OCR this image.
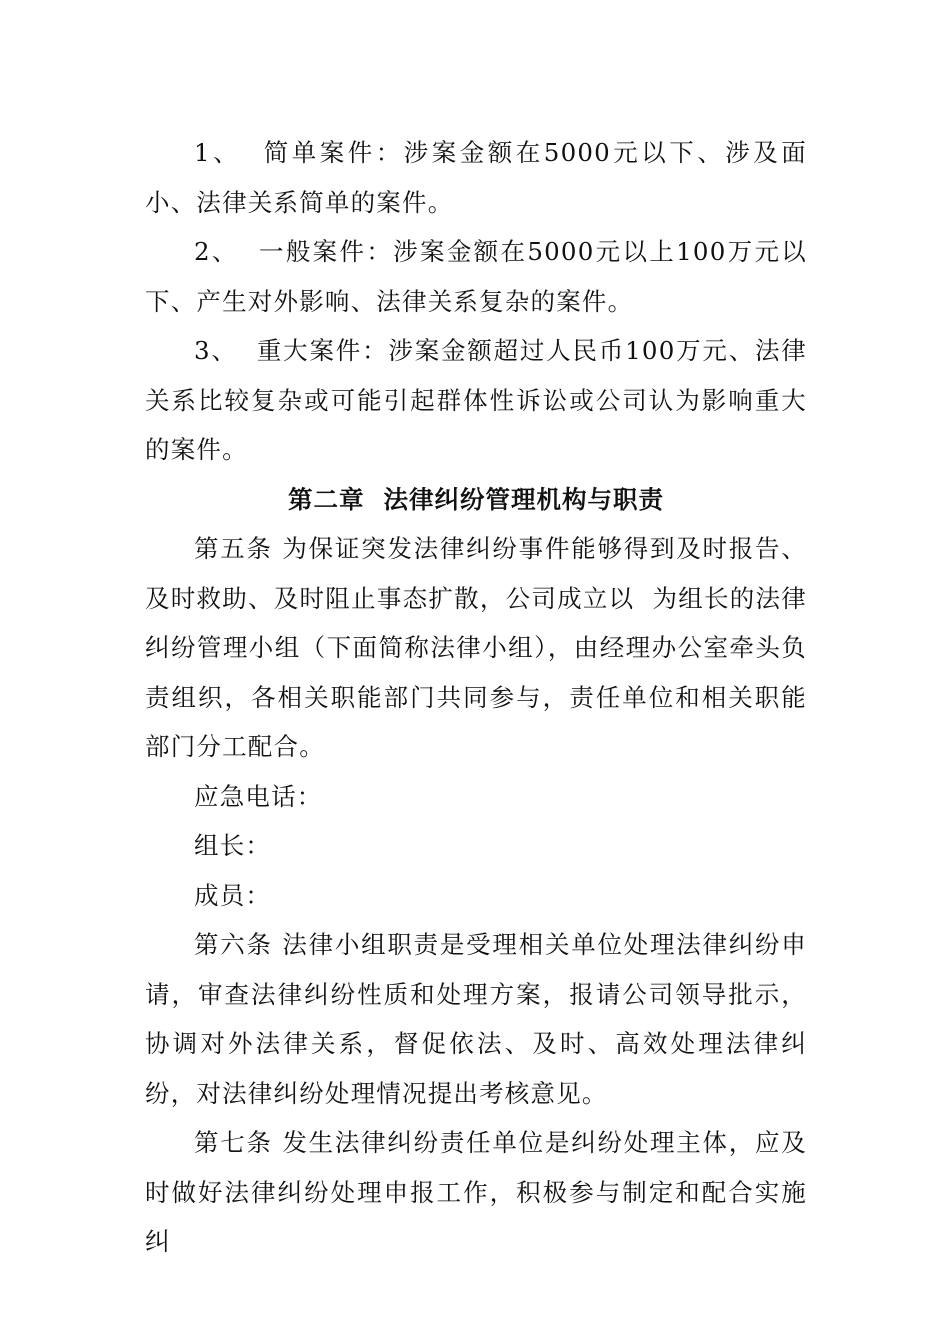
1、  简单案件：涉案金额在5000元以下、涉及面小、法律关系简单的案件。

2、  一般案件：涉案金额在5000元以上100万元以下、产生对外影响、法律关系复杂的案件。

3、  重大案件：涉案金额超过人民币100万元、法律关系比较复杂或可能引起群体性诉讼或公司认为影响重大的案件。

第二章  法律纠纷管理机构与职责

第五条 为保证突发法律纠纷事件能够得到及时报告、及时救助、及时阻止事态扩散，公司成立以  为组长的法律纠纷管理小组（下面简称法律小组），由经理办公室牵头负责组织，各相关职能部门共同参与，责任单位和相关职能部门分工配合。

应急电话：

组长：

成员：

第六条 法律小组职责是受理相关单位处理法律纠纷申请，审查法律纠纷性质和处理方案，报请公司领导批示，协调对外法律关系，督促依法、及时、高效处理法律纠纷，对法律纠纷处理情况提出考核意见。

第七条 发生法律纠纷责任单位是纠纷处理主体，应及时做好法律纠纷处理申报工作，积极参与制定和配合实施纠
